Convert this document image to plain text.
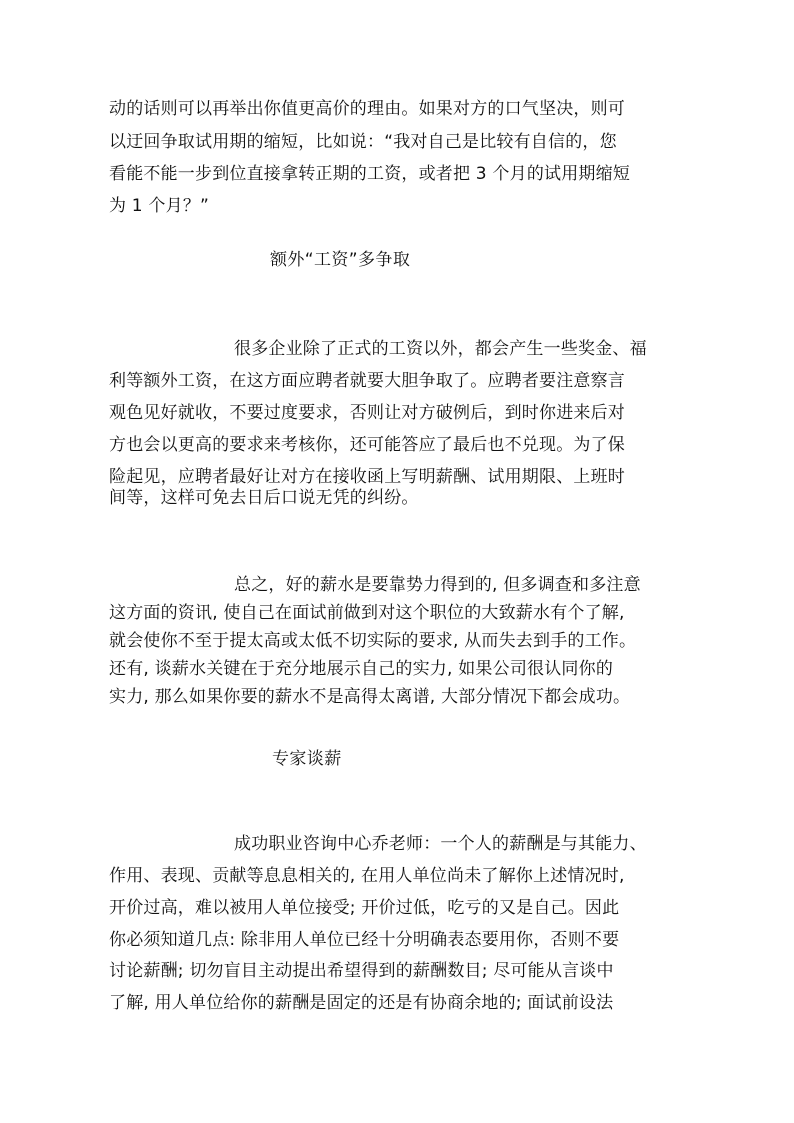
动的话则可以再举出你值更高价的理由。如果对方的口气坚决，则可
以迂回争取试用期的缩短，比如说：“我对自己是比较有自信的，您
看能不能一步到位直接拿转正期的工资，或者把 3 个月的试用期缩短
为 1 个月？”
额外“工资”多争取
很多企业除了正式的工资以外，都会产生一些奖金、福
利等额外工资，在这方面应聘者就要大胆争取了。应聘者要注意察言
观色见好就收，不要过度要求，否则让对方破例后，到时你进来后对
方也会以更高的要求来考核你，还可能答应了最后也不兑现。为了保
险起见，应聘者最好让对方在接收函上写明薪酬、试用期限、上班时
间等，这样可免去日后口说无凭的纠纷。
总之，好的薪水是要靠势力得到的, 但多调查和多注意
这方面的资讯, 使自己在面试前做到对这个职位的大致薪水有个了解,
就会使你不至于提太高或太低不切实际的要求, 从而失去到手的工作。
还有, 谈薪水关键在于充分地展示自己的实力, 如果公司很认同你的
实力, 那么如果你要的薪水不是高得太离谱, 大部分情况下都会成功。
专家谈薪
成功职业咨询中心乔老师：一个人的薪酬是与其能力、
作用、表现、贡献等息息相关的, 在用人单位尚未了解你上述情况时,
开价过高，难以被用人单位接受; 开价过低，吃亏的又是自己。因此
你必须知道几点: 除非用人单位已经十分明确表态要用你，否则不要
讨论薪酬; 切勿盲目主动提出希望得到的薪酬数目; 尽可能从言谈中
了解, 用人单位给你的薪酬是固定的还是有协商余地的; 面试前设法
